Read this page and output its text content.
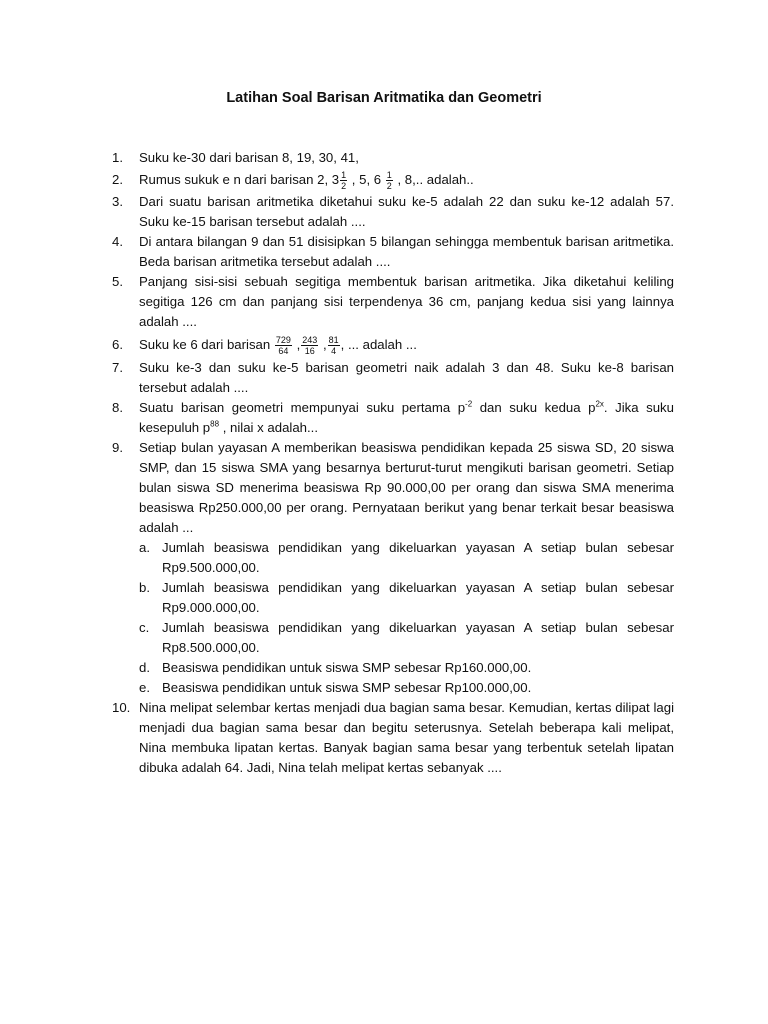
Latihan Soal Barisan Aritmatika dan Geometri
1.	Suku ke-30 dari barisan 8, 19, 30, 41,
2.	Rumus sukuk e n dari barisan 2, $3 \frac{1}{2}$ , 5, $6 \frac{1}{2}$ , 8,.. adalah..
3.	Dari suatu barisan aritmetika diketahui suku ke-5 adalah 22 dan suku ke-12 adalah 57. Suku ke-15 barisan tersebut adalah ....
4.	Di antara bilangan 9 dan 51 disisipkan 5 bilangan sehingga membentuk barisan aritmetika. Beda barisan aritmetika tersebut adalah ....
5.	Panjang sisi-sisi sebuah segitiga membentuk barisan aritmetika. Jika diketahui keliling segitiga 126 cm dan panjang sisi terpendenya 36 cm, panjang kedua sisi yang lainnya adalah ....
6.	Suku ke 6 dari barisan $\frac{729}{64}$ , $\frac{243}{16}$ , $\frac{81}{4}$ , ... adalah ...
7.	Suku ke-3 dan suku ke-5 barisan geometri naik adalah 3 dan 48. Suku ke-8 barisan tersebut adalah ....
8.	Suatu barisan geometri mempunyai suku pertama $p^{-2}$ dan suku kedua $p^{2x}$. Jika suku kesepuluh $p^{88}$ , nilai x adalah...
9.	Setiap bulan yayasan A memberikan beasiswa pendidikan kepada 25 siswa SD, 20 siswa SMP, dan 15 siswa SMA yang besarnya berturut-turut mengikuti barisan geometri. Setiap bulan siswa SD menerima beasiswa Rp 90.000,00 per orang dan siswa SMA menerima beasiswa Rp250.000,00 per orang. Pernyataan berikut yang benar terkait besar beasiswa adalah ...
a. Jumlah beasiswa pendidikan yang dikeluarkan yayasan A setiap bulan sebesar Rp9.500.000,00.
b. Jumlah beasiswa pendidikan yang dikeluarkan yayasan A setiap bulan sebesar Rp9.000.000,00.
c. Jumlah beasiswa pendidikan yang dikeluarkan yayasan A setiap bulan sebesar Rp8.500.000,00.
d. Beasiswa pendidikan untuk siswa SMP sebesar Rp160.000,00.
e. Beasiswa pendidikan untuk siswa SMP sebesar Rp100.000,00.
10. Nina melipat selembar kertas menjadi dua bagian sama besar. Kemudian, kertas dilipat lagi menjadi dua bagian sama besar dan begitu seterusnya. Setelah beberapa kali melipat, Nina membuka lipatan kertas. Banyak bagian sama besar yang terbentuk setelah lipatan dibuka adalah 64. Jadi, Nina telah melipat kertas sebanyak ....
